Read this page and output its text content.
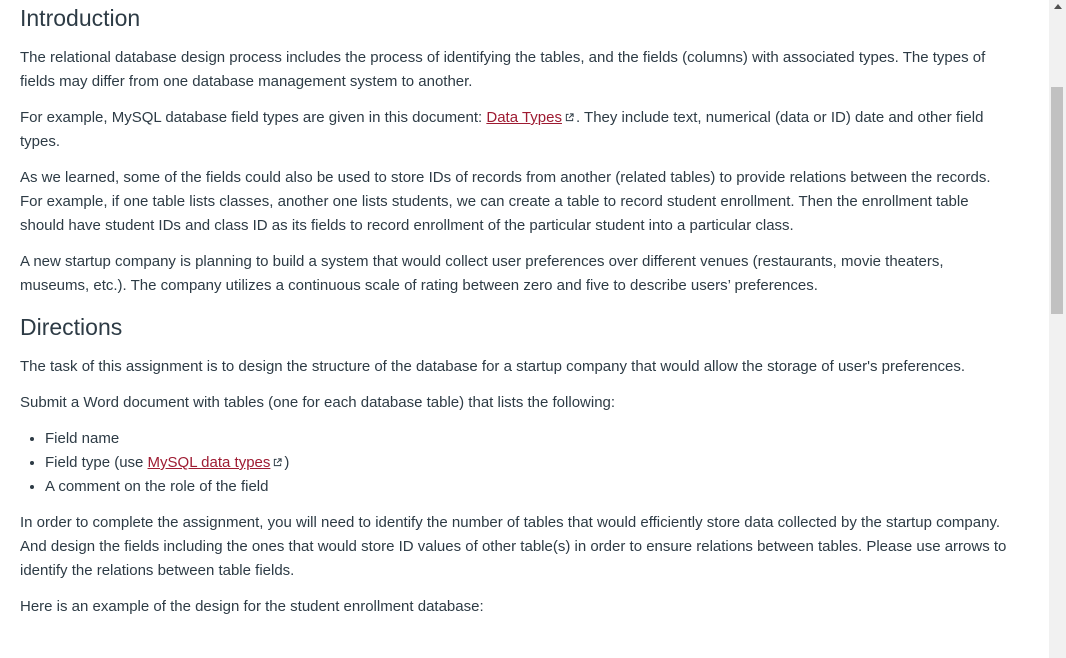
Introduction

The relational database design process includes the process of identifying the tables, and the fields (columns) with associated types. The types of fields may differ from one database management system to another.

For example, MySQL database field types are given in this document: Data Types . They include text, numerical (data or ID) date and other field types.

As we learned, some of the fields could also be used to store IDs of records from another (related tables) to provide relations between the records. For example, if one table lists classes, another one lists students, we can create a table to record student enrollment. Then the enrollment table should have student IDs and class ID as its fields to record enrollment of the particular student into a particular class.

A new startup company is planning to build a system that would collect user preferences over different venues (restaurants, movie theaters, museums, etc.). The company utilizes a continuous scale of rating between zero and five to describe users’ preferences.

Directions

The task of this assignment is to design the structure of the database for a startup company that would allow the storage of user's preferences.

Submit a Word document with tables (one for each database table) that lists the following:

• Field name
• Field type (use MySQL data types )
• A comment on the role of the field

In order to complete the assignment, you will need to identify the number of tables that would efficiently store data collected by the startup company. And design the fields including the ones that would store ID values of other table(s) in order to ensure relations between tables. Please use arrows to identify the relations between table fields.

Here is an example of the design for the student enrollment database:
